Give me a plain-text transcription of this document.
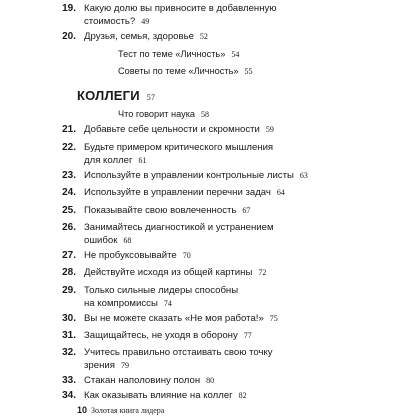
19. Какую долю вы привносите в добавленную
стоимость? 49
20. Друзья, семья, здоровье 52
Тест по теме «Личность» 54
Советы по теме «Личность» 55
КОЛЛЕГИ 57
Что говорит наука 58
21. Добавьте себе цельности и скромности 59
22. Будьте примером критического мышления
для коллег 61
23. Используйте в управлении контрольные листы 63
24. Используйте в управлении перечни задач 64
25. Показывайте свою вовлеченность 67
26. Занимайтесь диагностикой и устранением
ошибок 68
27. Не пробуксовывайте 70
28. Действуйте исходя из общей картины 72
29. Только сильные лидеры способны
на компромиссы 74
30. Вы не можете сказать «Не моя работа!» 75
31. Защищайтесь, не уходя в оборону 77
32. Учитесь правильно отстаивать свою точку
зрения 79
33. Стакан наполовину полон 80
34. Как оказывать влияние на коллег 82
10 Золотая книга лидера
